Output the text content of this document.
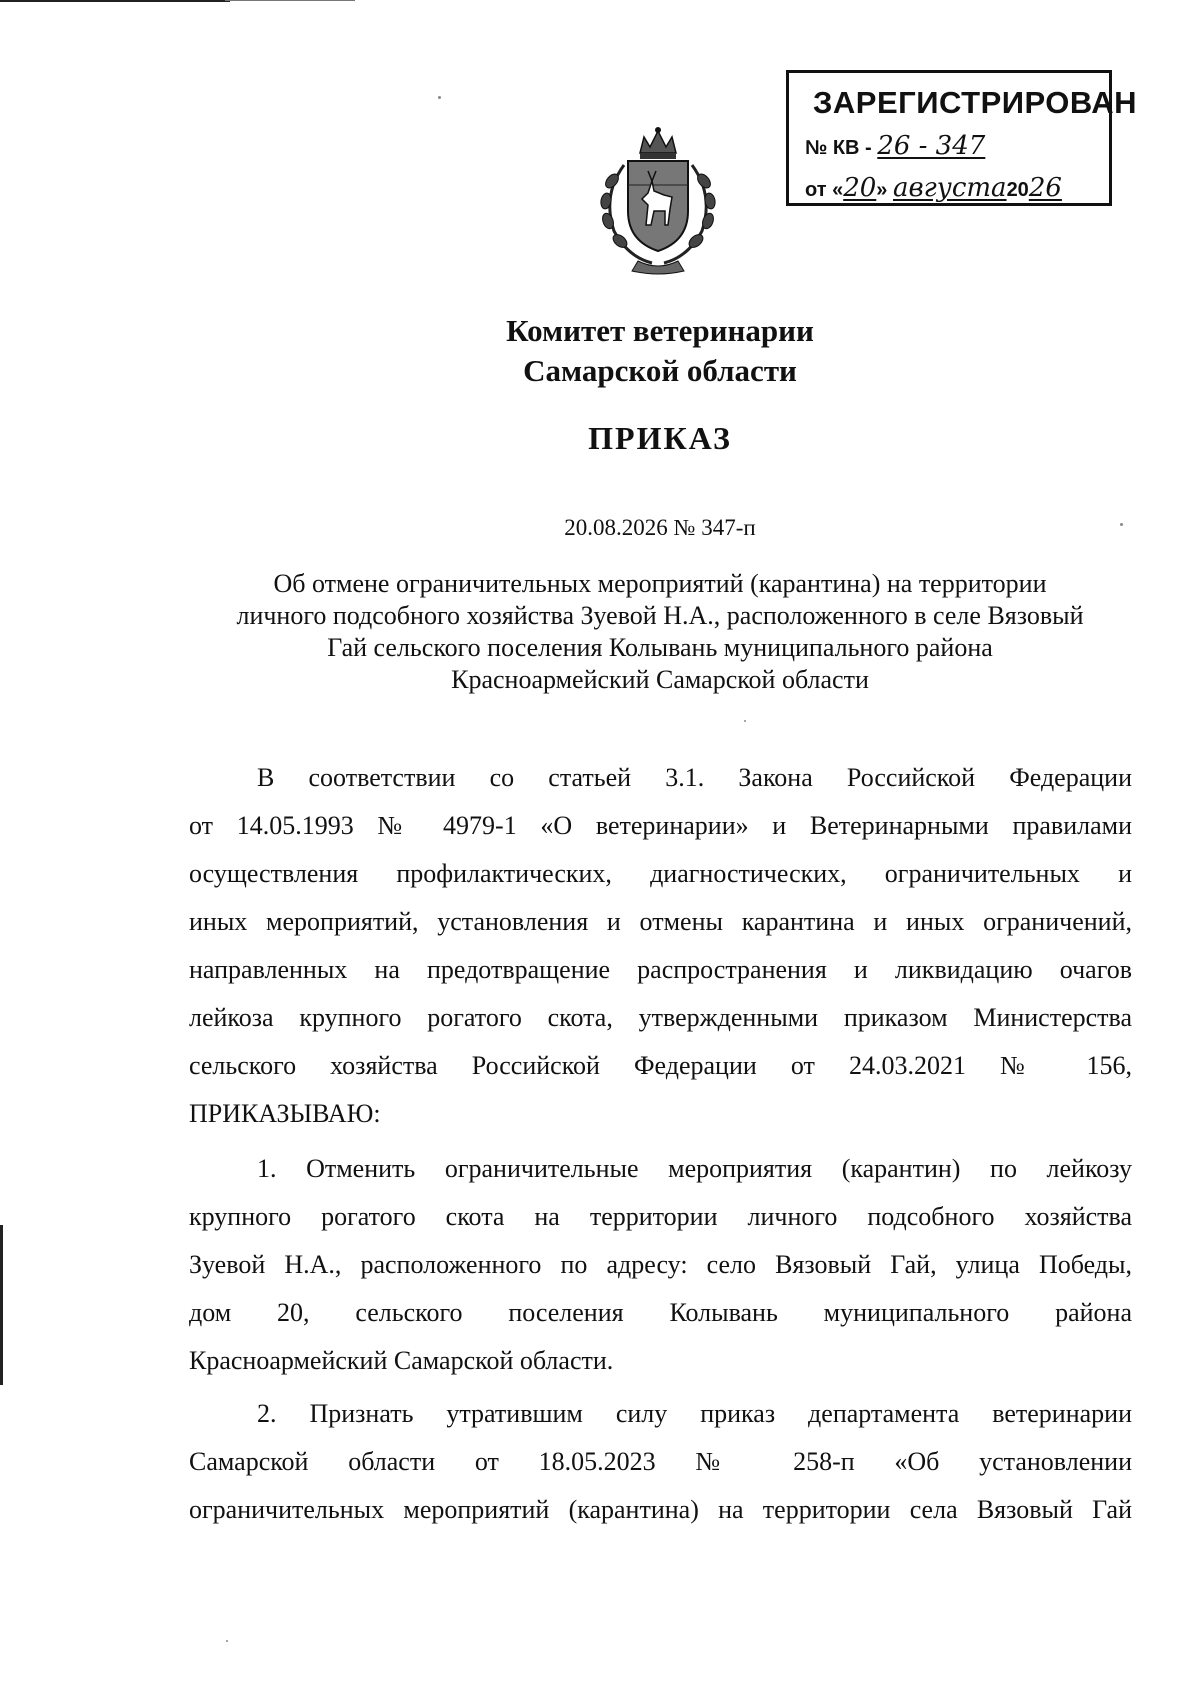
ЗАРЕГИСТРИРОВАН
№ КВ - 26 - 347
от «20» августа2026
Комитет ветеринарии
Самарской области
ПРИКАЗ
20.08.2026 № 347-п
Об отмене ограничительных мероприятий (карантина) на территории
личного подсобного хозяйства Зуевой Н.А., расположенного в селе Вязовый
Гай сельского поселения Колывань муниципального района
Красноармейский Самарской области
В соответствии со статьей 3.1. Закона Российской Федерации
от 14.05.1993 № 4979-1 «О ветеринарии» и Ветеринарными правилами
осуществления профилактических, диагностических, ограничительных и
иных мероприятий, установления и отмены карантина и иных ограничений,
направленных на предотвращение распространения и ликвидацию очагов
лейкоза крупного рогатого скота, утвержденными приказом Министерства
сельского хозяйства Российской Федерации от 24.03.2021 № 156,
ПРИКАЗЫВАЮ:
1. Отменить ограничительные мероприятия (карантин) по лейкозу
крупного рогатого скота на территории личного подсобного хозяйства
Зуевой Н.А., расположенного по адресу: село Вязовый Гай, улица Победы,
дом 20, сельского поселения Колывань муниципального района
Красноармейский Самарской области.
2. Признать утратившим силу приказ департамента ветеринарии
Самарской области от 18.05.2023 № 258-п «Об установлении
ограничительных мероприятий (карантина) на территории села Вязовый Гай
